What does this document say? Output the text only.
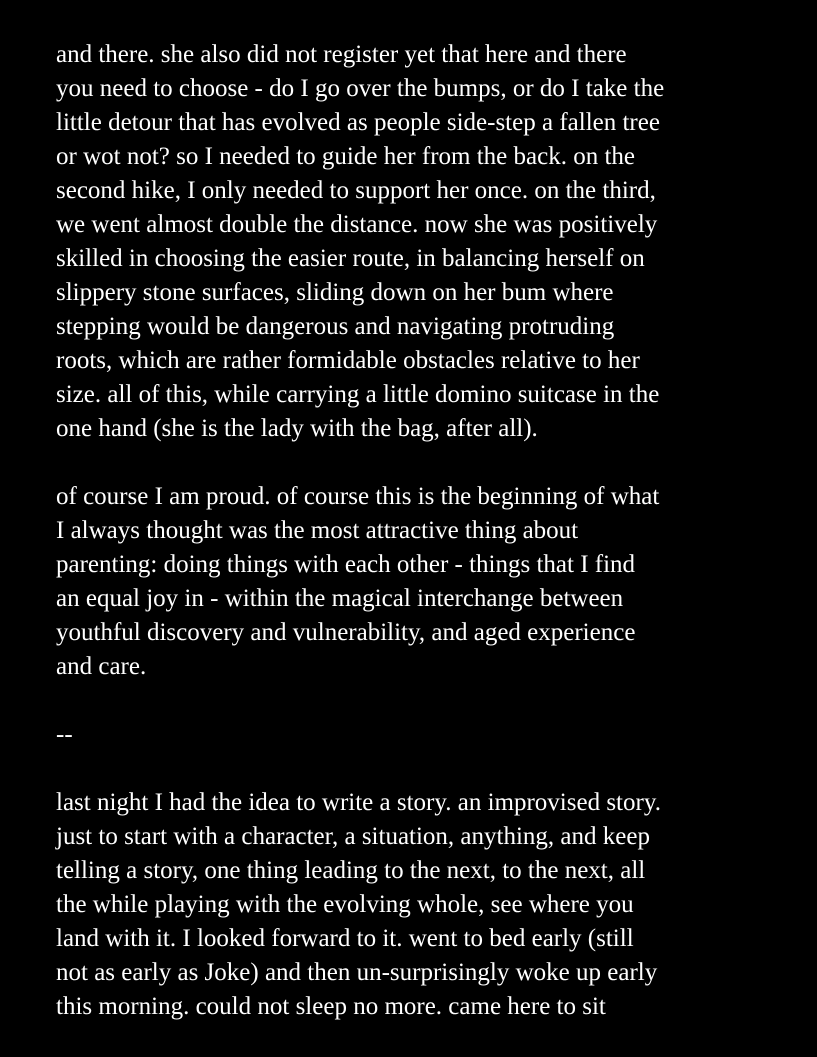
and there. she also did not register yet that here and there
you need to choose - do I go over the bumps, or do I take the
little detour that has evolved as people side-step a fallen tree
or wot not? so I needed to guide her from the back. on the
second hike, I only needed to support her once. on the third,
we went almost double the distance. now she was positively
skilled in choosing the easier route, in balancing herself on
slippery stone surfaces, sliding down on her bum where
stepping would be dangerous and navigating protruding
roots, which are rather formidable obstacles relative to her
size. all of this, while carrying a little domino suitcase in the
one hand (she is the lady with the bag, after all).
of course I am proud. of course this is the beginning of what
I always thought was the most attractive thing about
parenting: doing things with each other - things that I find
an equal joy in - within the magical interchange between
youthful discovery and vulnerability, and aged experience
and care.
--
last night I had the idea to write a story. an improvised story.
just to start with a character, a situation, anything, and keep
telling a story, one thing leading to the next, to the next, all
the while playing with the evolving whole, see where you
land with it. I looked forward to it. went to bed early (still
not as early as Joke) and then un-surprisingly woke up early
this morning. could not sleep no more. came here to sit
